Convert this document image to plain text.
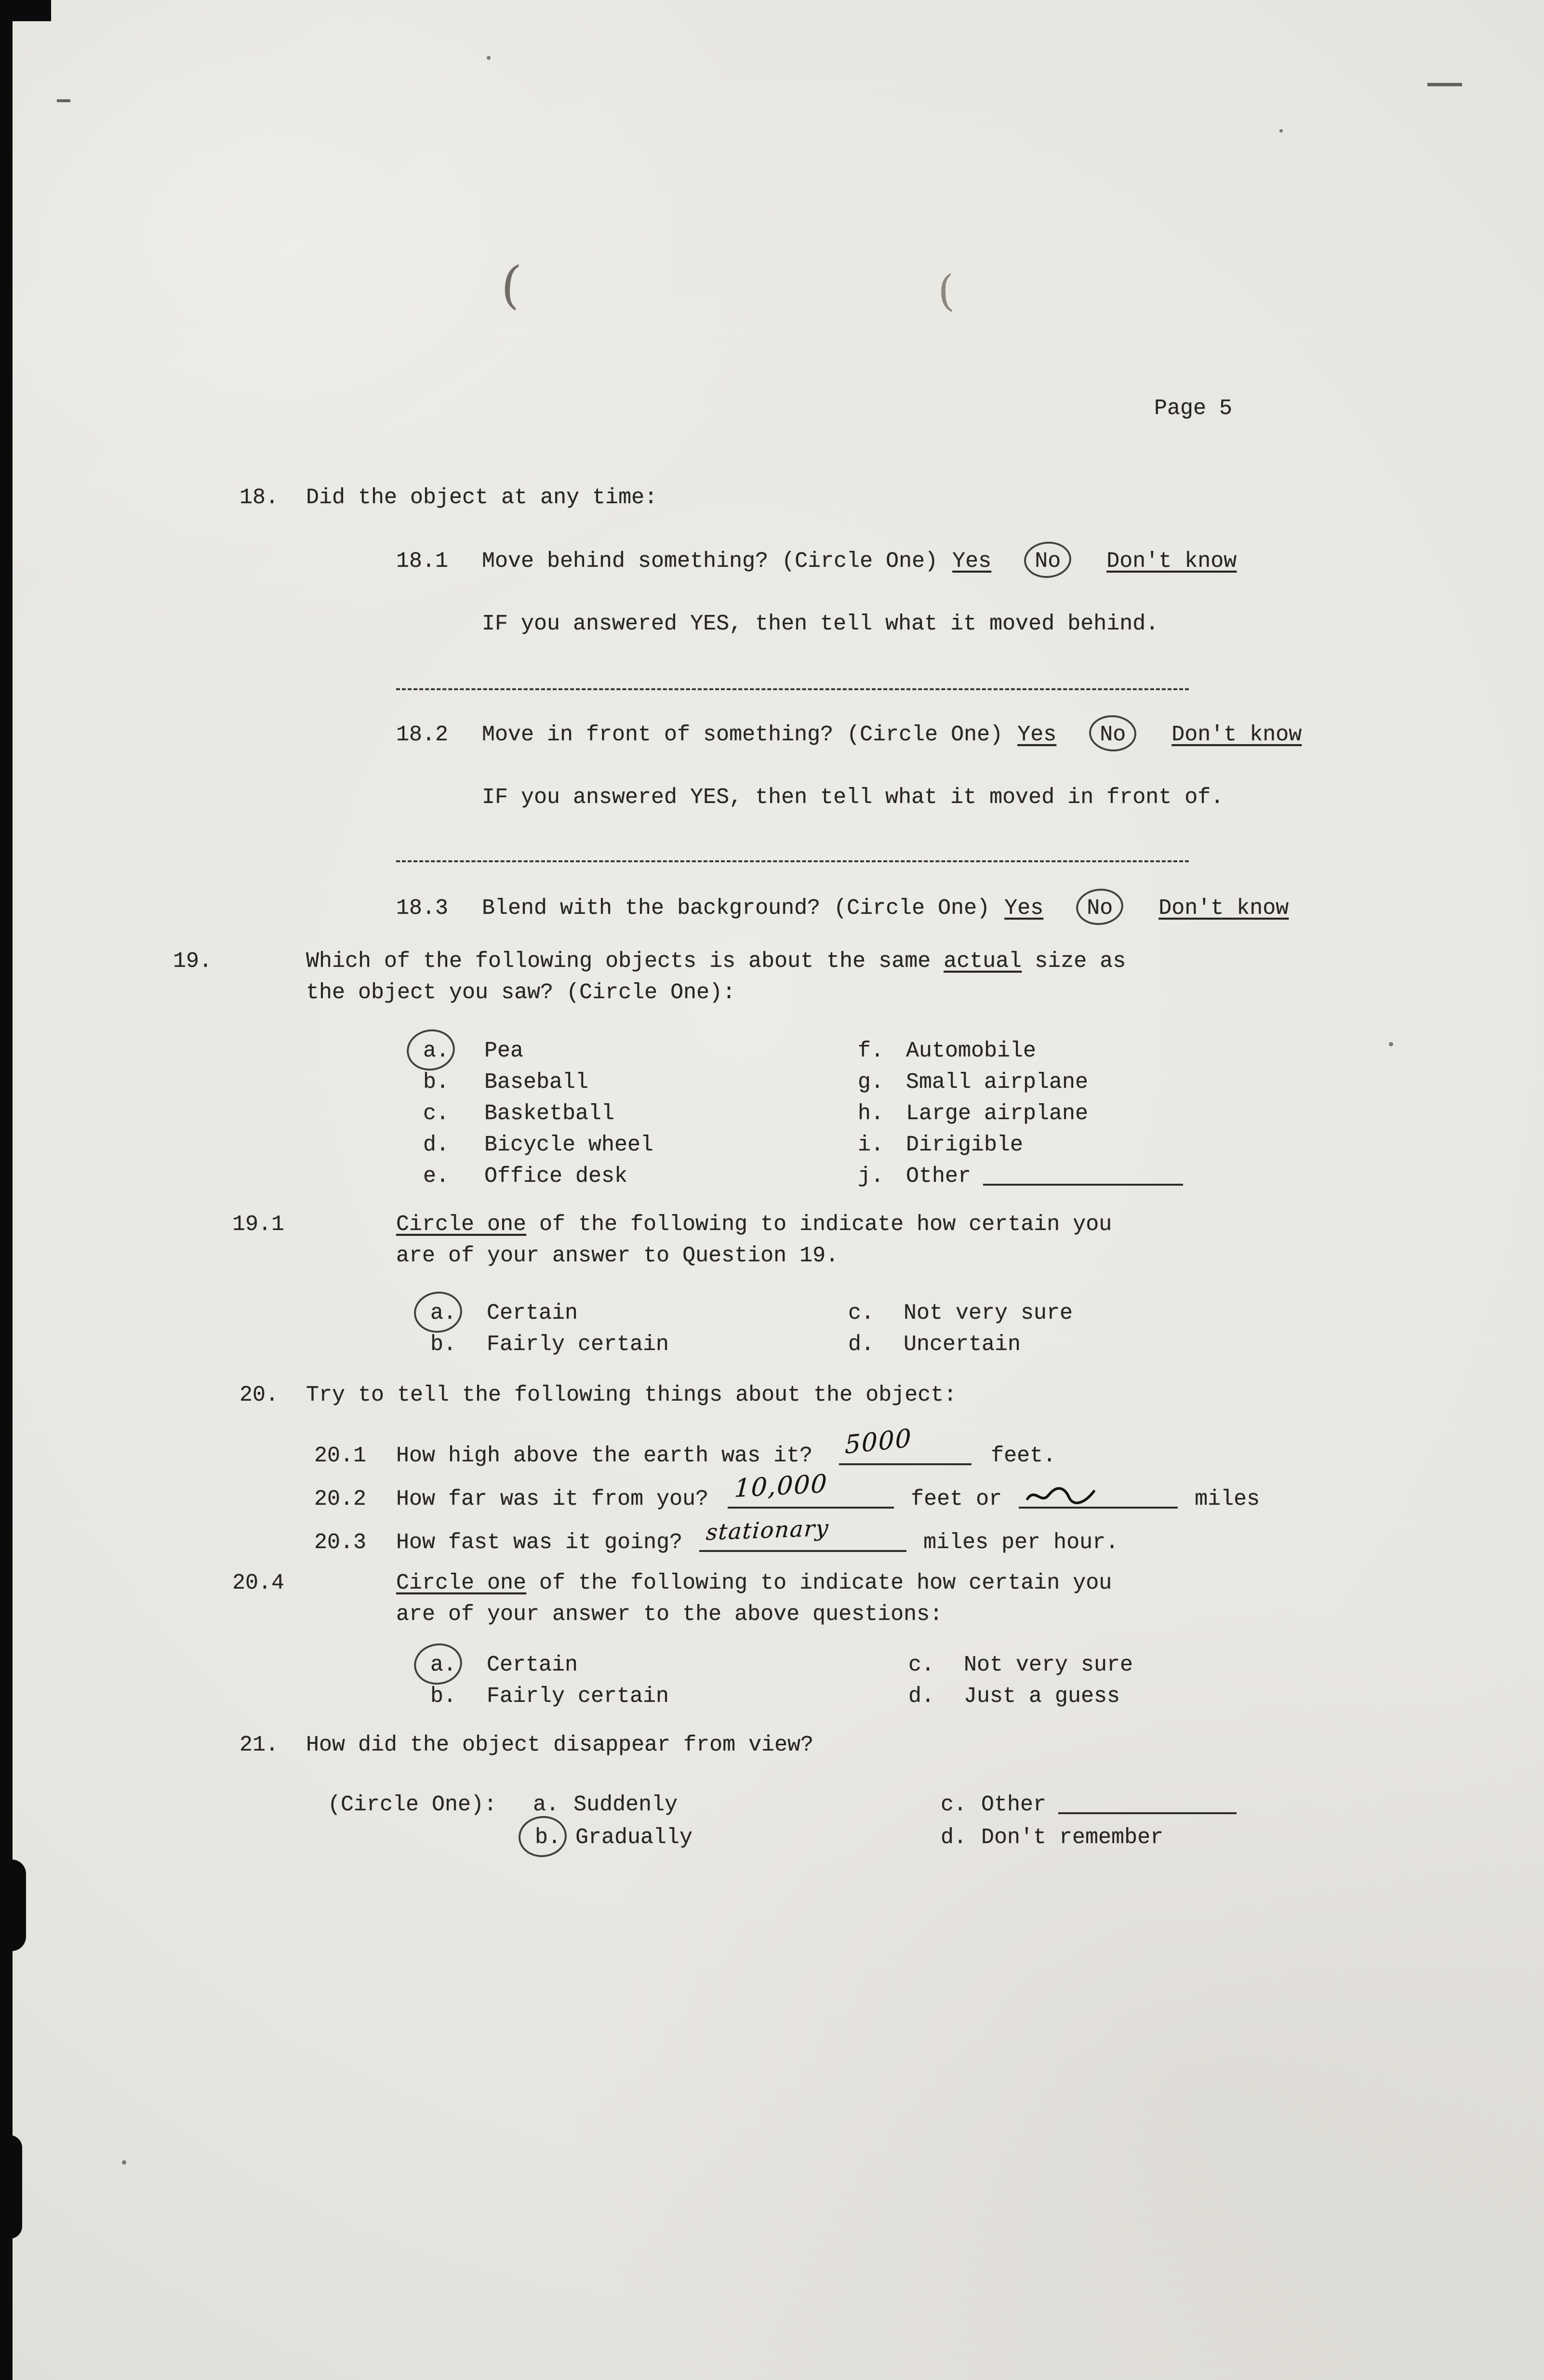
(	(
Page 5
18. Did the object at any time:
18.1 Move behind something? (Circle One) Yes No Don't know
IF you answered YES, then tell what it moved behind.
18.2 Move in front of something? (Circle One) Yes No Don't know
IF you answered YES, then tell what it moved in front of.
18.3 Blend with the background? (Circle One) Yes No Don't know
19.	Which of the following objects is about the same actual size as the object you saw? (Circle One):
a.	Pea	f.	Automobile
b.	Baseball	g.	Small airplane
c.	Basketball	h.	Large airplane
d.	Bicycle wheel	i.	Dirigible
e.	Office desk	j.	Other
19.1	Circle one of the following to indicate how certain you are of your answer to Question 19.
a.	Certain	c.	Not very sure
b.	Fairly certain	d.	Uncertain
20. Try to tell the following things about the object:
20.1 How high above the earth was it? 5000	feet.
20.2 How far was it from you? 10,000	feet or	miles
20.3 How fast was it going? stationary	miles per hour.
20.4	Circle one of the following to indicate how certain you are of your answer to the above questions:
a.	Certain	c.	Not very sure
b.	Fairly certain	d.	Just a guess
21. How did the object disappear from view?
(Circle One): a. Suddenly	c. Other
b. Gradually	d. Don't remember
